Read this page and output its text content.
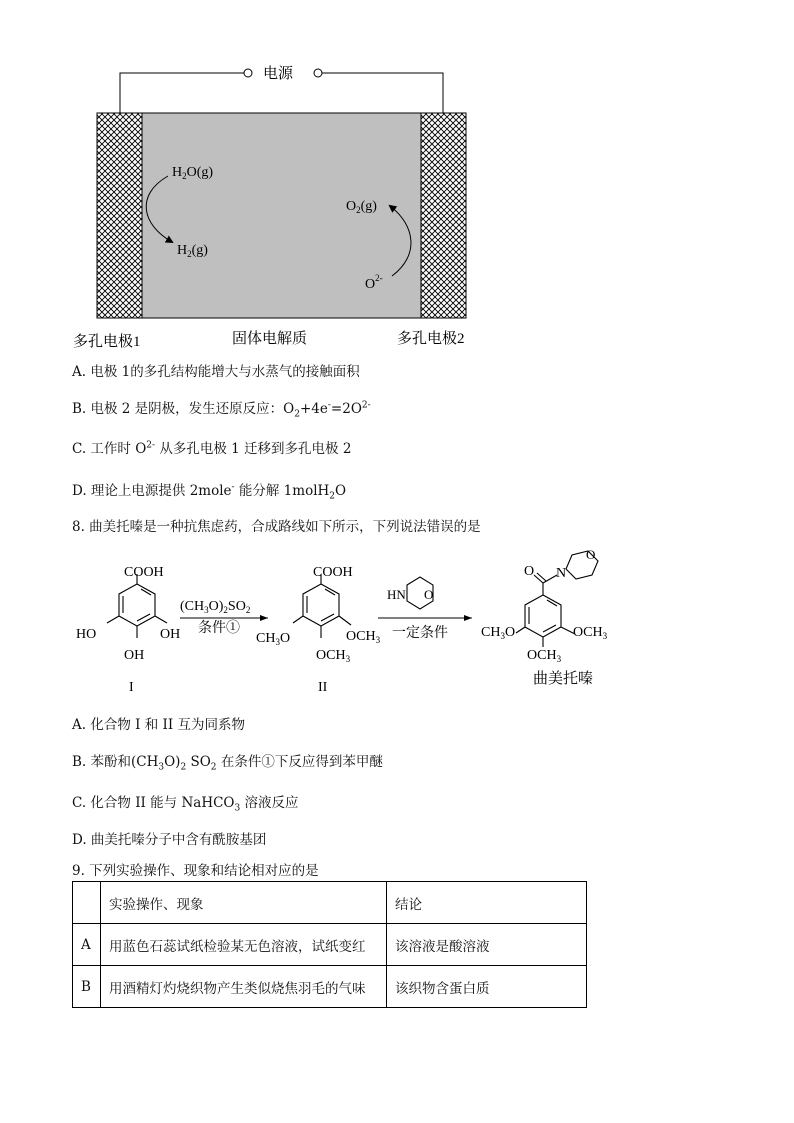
电源
$H_2O(g)$
$H_2(g)$
$O_2(g)$
$O^{2-}$
多孔电极1	固体电解质	多孔电极2
A. 电极 1的多孔结构能增大与水蒸气的接触面积
B. 电极 2 是阴极，发生还原反应：$O_2+4e^-=2O^{2-}$
C. 工作时 $O^{2-}$ 从多孔电极 1 迁移到多孔电极 2
D. 理论上电源提供 2mole- 能分解 1molH$_2$O
8. 曲美托嗪是一种抗焦虑药，合成路线如下所示，下列说法错误的是
COOH
HO	OH
OH
I
$(CH_3O)_2SO_2$
条件①
COOH
$CH_3O$	$OCH_3$
$OCH_3$
II
HN O
一定条件
O N
O
$CH_3O$	$OCH_3$
$OCH_3$
曲美托嗪
A. 化合物 I 和 II 互为同系物
B. 苯酚和$(CH_3O)_2$ $SO_2$ 在条件①下反应得到苯甲醚
C. 化合物 II 能与 NaHCO$_3$ 溶液反应
D. 曲美托嗪分子中含有酰胺基团
9. 下列实验操作、现象和结论相对应的是
	实验操作、现象	结论
A	用蓝色石蕊试纸检验某无色溶液，试纸变红	该溶液是酸溶液
B	用酒精灯灼烧织物产生类似烧焦羽毛的气味	该织物含蛋白质
